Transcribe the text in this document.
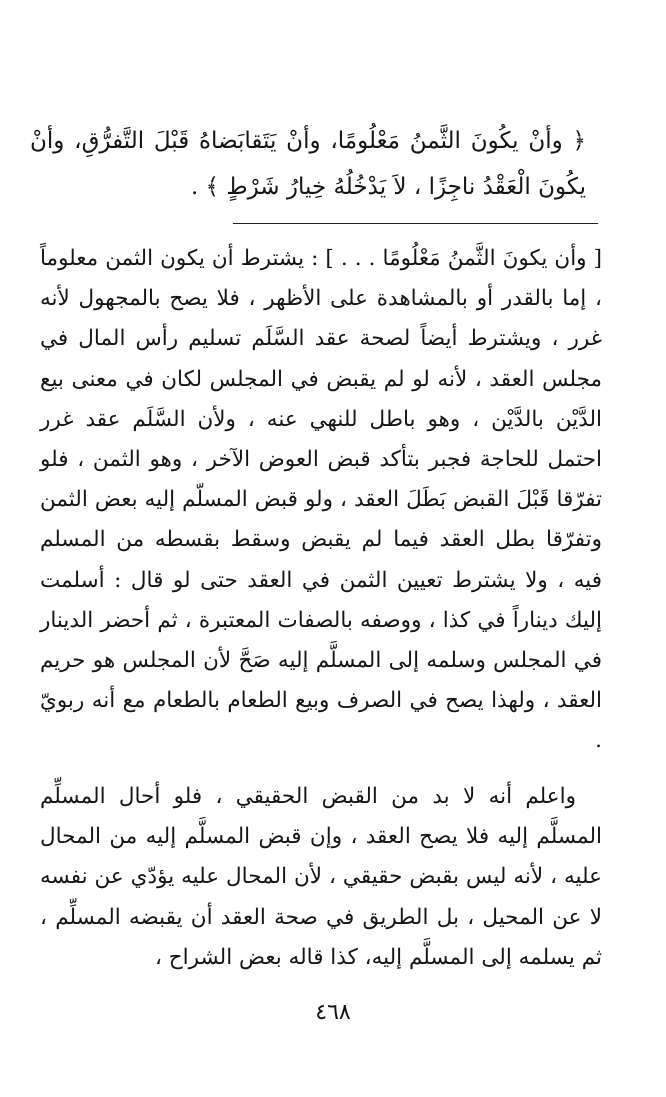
﴿ وأنْ يكُونَ الثَّمنُ مَعْلُومًا، وأنْ يَتَقابَضاهُ قَبْلَ التَّفرُّقِ، وأنْ يكُونَ الْعَقْدُ ناجِزًا ، لاَ يَدْخُلُهُ خِيارُ شَرْطٍ ﴾ .
[ وأن يكونَ الثَّمنُ مَعْلُومًا . . . ] : يشترط أن يكون الثمن معلوماً ، إما بالقدر أو بالمشاهدة على الأظهر ، فلا يصح بالمجهول لأنه غرر ، ويشترط أيضاً لصحة عقد السَّلَم تسليم رأس المال في مجلس العقد ، لأنه لو لم يقبض في المجلس لكان في معنى بيع الدَّيْن بالدَّيْن ، وهو باطل للنهي عنه ، ولأن السَّلَم عقد غرر احتمل للحاجة فجبر بتأكد قبض العوض الآخر ، وهو الثمن ، فلو تفرّقا قَبْلَ القبض بَطَلَ العقد ، ولو قبض المسلّم إليه بعض الثمن وتفرّقا بطل العقد فيما لم يقبض وسقط بقسطه من المسلم فيه ، ولا يشترط تعيين الثمن في العقد حتى لو قال : أسلمت إليك ديناراً في كذا ، ووصفه بالصفات المعتبرة ، ثم أحضر الدينار في المجلس وسلمه إلى المسلَّم إليه صَحَّ لأن المجلس هو حريم العقد ، ولهذا يصح في الصرف وبيع الطعام بالطعام مع أنه ربويّ .
واعلم أنه لا بد من القبض الحقيقي ، فلو أحال المسلِّم المسلَّم إليه فلا يصح العقد ، وإن قبض المسلَّم إليه من المحال عليه ، لأنه ليس بقبض حقيقي ، لأن المحال عليه يؤدّي عن نفسه لا عن المحيل ، بل الطريق في صحة العقد أن يقبضه المسلِّم ، ثم يسلمه إلى المسلَّم إليه، كذا قاله بعض الشراح ،
٤٦٨
